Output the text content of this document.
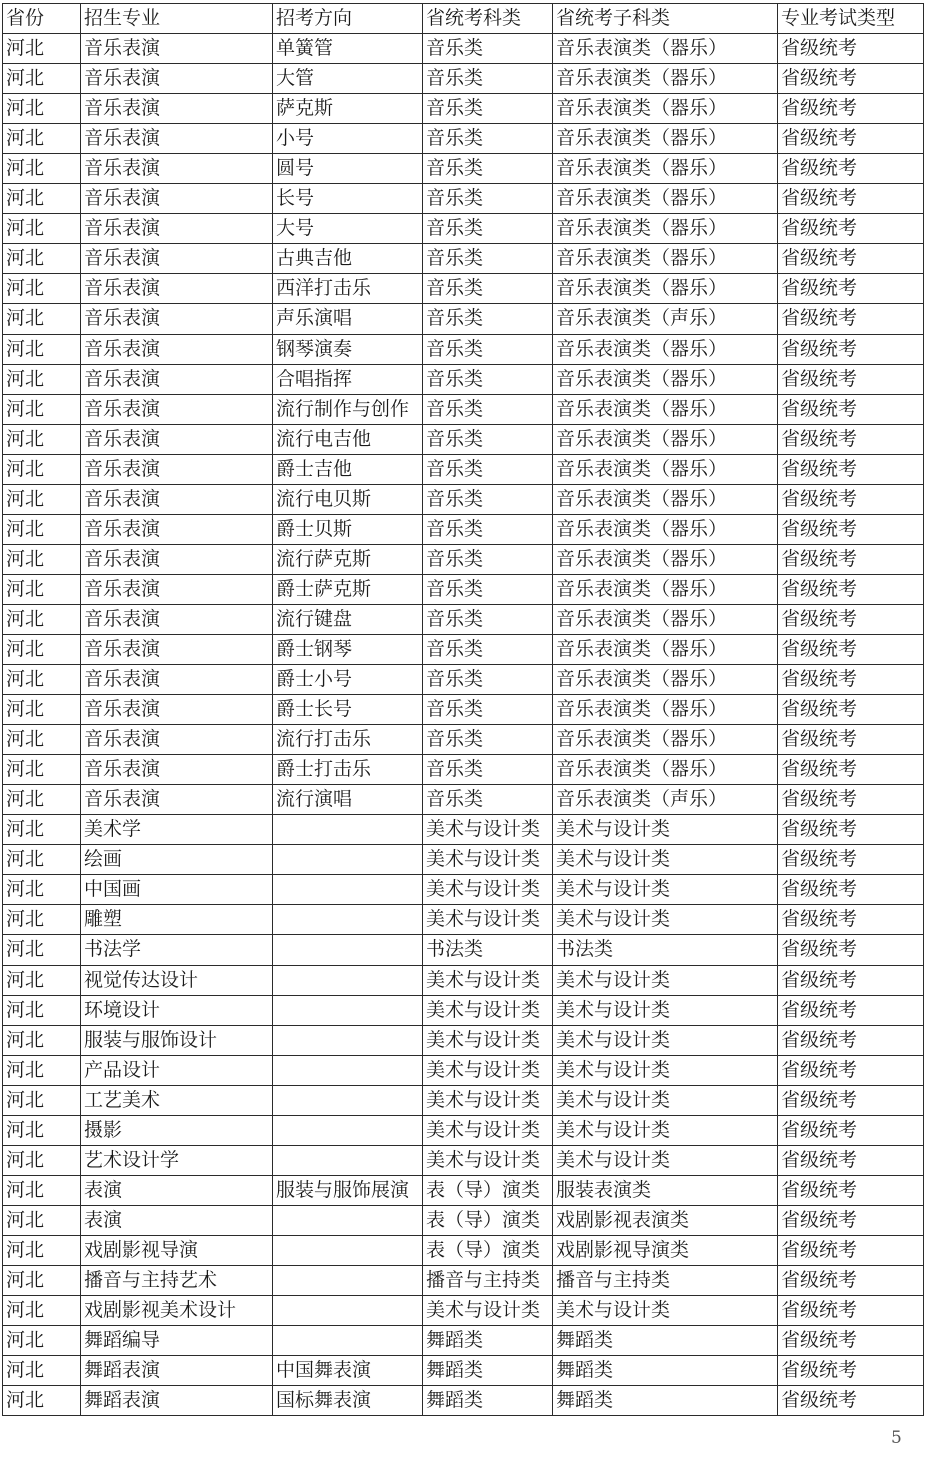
省份	招生专业	招考方向	省统考科类	省统考子科类	专业考试类型
河北	音乐表演	单簧管	音乐类	音乐表演类（器乐）	省级统考
河北	音乐表演	大管	音乐类	音乐表演类（器乐）	省级统考
河北	音乐表演	萨克斯	音乐类	音乐表演类（器乐）	省级统考
河北	音乐表演	小号	音乐类	音乐表演类（器乐）	省级统考
河北	音乐表演	圆号	音乐类	音乐表演类（器乐）	省级统考
河北	音乐表演	长号	音乐类	音乐表演类（器乐）	省级统考
河北	音乐表演	大号	音乐类	音乐表演类（器乐）	省级统考
河北	音乐表演	古典吉他	音乐类	音乐表演类（器乐）	省级统考
河北	音乐表演	西洋打击乐	音乐类	音乐表演类（器乐）	省级统考
河北	音乐表演	声乐演唱	音乐类	音乐表演类（声乐）	省级统考
河北	音乐表演	钢琴演奏	音乐类	音乐表演类（器乐）	省级统考
河北	音乐表演	合唱指挥	音乐类	音乐表演类（器乐）	省级统考
河北	音乐表演	流行制作与创作	音乐类	音乐表演类（器乐）	省级统考
河北	音乐表演	流行电吉他	音乐类	音乐表演类（器乐）	省级统考
河北	音乐表演	爵士吉他	音乐类	音乐表演类（器乐）	省级统考
河北	音乐表演	流行电贝斯	音乐类	音乐表演类（器乐）	省级统考
河北	音乐表演	爵士贝斯	音乐类	音乐表演类（器乐）	省级统考
河北	音乐表演	流行萨克斯	音乐类	音乐表演类（器乐）	省级统考
河北	音乐表演	爵士萨克斯	音乐类	音乐表演类（器乐）	省级统考
河北	音乐表演	流行键盘	音乐类	音乐表演类（器乐）	省级统考
河北	音乐表演	爵士钢琴	音乐类	音乐表演类（器乐）	省级统考
河北	音乐表演	爵士小号	音乐类	音乐表演类（器乐）	省级统考
河北	音乐表演	爵士长号	音乐类	音乐表演类（器乐）	省级统考
河北	音乐表演	流行打击乐	音乐类	音乐表演类（器乐）	省级统考
河北	音乐表演	爵士打击乐	音乐类	音乐表演类（器乐）	省级统考
河北	音乐表演	流行演唱	音乐类	音乐表演类（声乐）	省级统考
河北	美术学		美术与设计类	美术与设计类	省级统考
河北	绘画		美术与设计类	美术与设计类	省级统考
河北	中国画		美术与设计类	美术与设计类	省级统考
河北	雕塑		美术与设计类	美术与设计类	省级统考
河北	书法学		书法类	书法类	省级统考
河北	视觉传达设计		美术与设计类	美术与设计类	省级统考
河北	环境设计		美术与设计类	美术与设计类	省级统考
河北	服装与服饰设计		美术与设计类	美术与设计类	省级统考
河北	产品设计		美术与设计类	美术与设计类	省级统考
河北	工艺美术		美术与设计类	美术与设计类	省级统考
河北	摄影		美术与设计类	美术与设计类	省级统考
河北	艺术设计学		美术与设计类	美术与设计类	省级统考
河北	表演	服装与服饰展演	表（导）演类	服装表演类	省级统考
河北	表演		表（导）演类	戏剧影视表演类	省级统考
河北	戏剧影视导演		表（导）演类	戏剧影视导演类	省级统考
河北	播音与主持艺术		播音与主持类	播音与主持类	省级统考
河北	戏剧影视美术设计		美术与设计类	美术与设计类	省级统考
河北	舞蹈编导		舞蹈类	舞蹈类	省级统考
河北	舞蹈表演	中国舞表演	舞蹈类	舞蹈类	省级统考
河北	舞蹈表演	国标舞表演	舞蹈类	舞蹈类	省级统考
5
